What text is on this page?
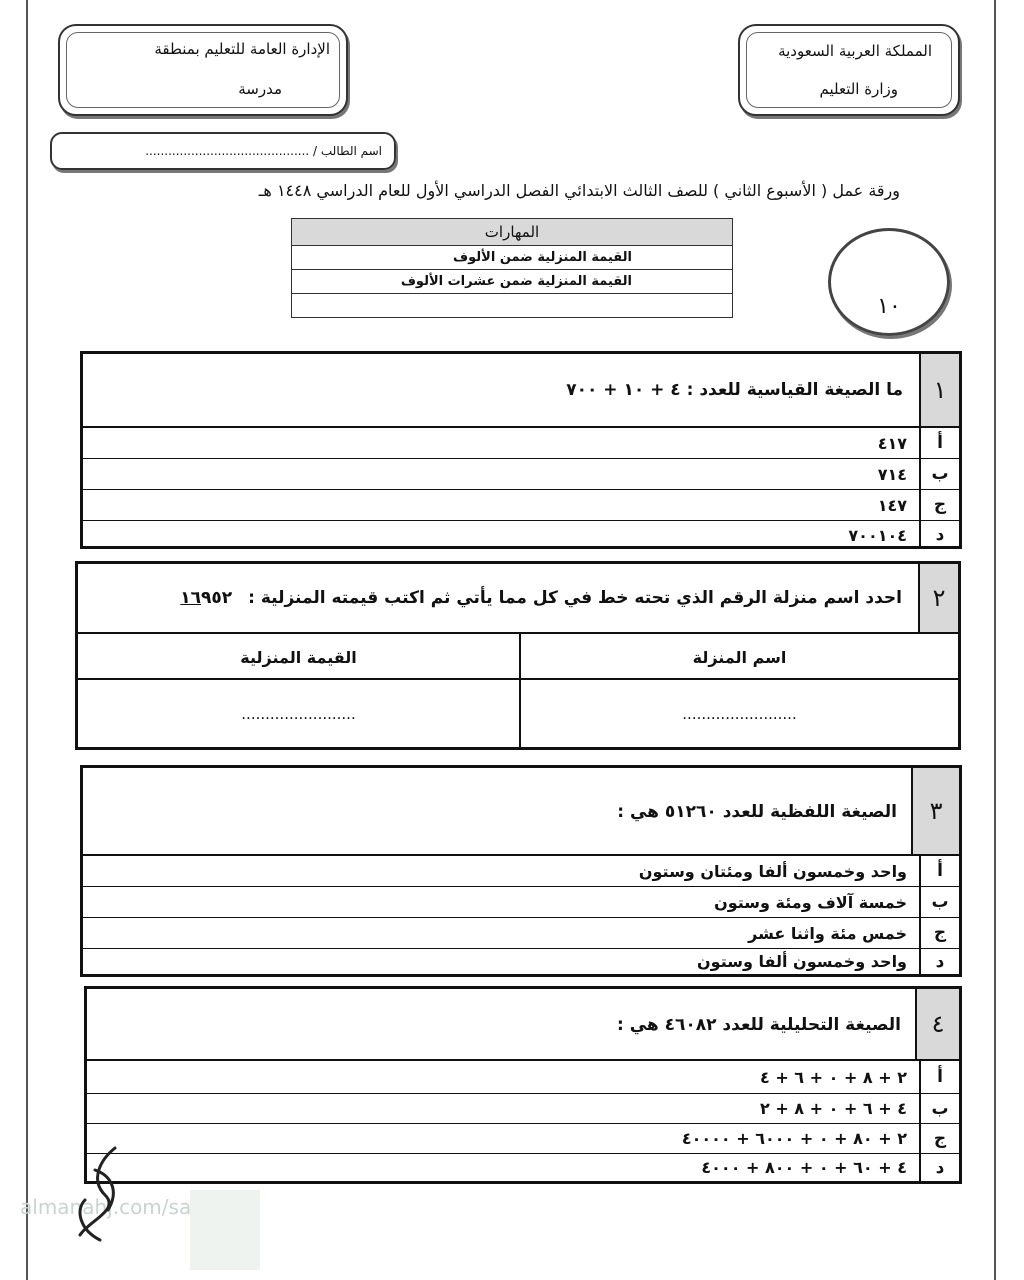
المملكة العربية السعودية
وزارة التعليم
الإدارة العامة للتعليم بمنطقة
مدرسة
اسم الطالب / ...........................................
ورقة عمل ( الأسبوع الثاني ) للصف الثالث الابتدائي الفصل الدراسي الأول للعام الدراسي ١٤٤٨ هـ
المهارات
القيمة المنزلية ضمن الألوف
القيمة المنزلية ضمن عشرات الألوف
١٠
١
ما الصيغة القياسية للعدد : ٤ + ١٠ + ٧٠٠
أ
٤١٧
ب
٧١٤
ج
١٤٧
د
٧٠٠١٠٤
٢
احدد اسم منزلة الرقم الذي تحته خط في كل مما يأتي ثم اكتب قيمته المنزلية : ١٦٩٥٢
اسم المنزلة
القيمة المنزلية
........................
........................
٣
الصيغة اللفظية للعدد ٥١٢٦٠ هي :
أ
واحد وخمسون ألفا ومئتان وستون
ب
خمسة آلاف ومئة وستون
ج
خمس مئة واثنا عشر
د
واحد وخمسون ألفا وستون
٤
الصيغة التحليلية للعدد ٤٦٠٨٢ هي :
أ
٢ + ٨ + ٠ + ٦ + ٤
ب
٤ + ٦ + ٠ + ٨ + ٢
ج
٢ + ٨٠ + ٠ + ٦٠٠٠ + ٤٠٠٠٠
د
٤ + ٦٠ + ٠ + ٨٠٠ + ٤٠٠٠
almanahj.com/sa
